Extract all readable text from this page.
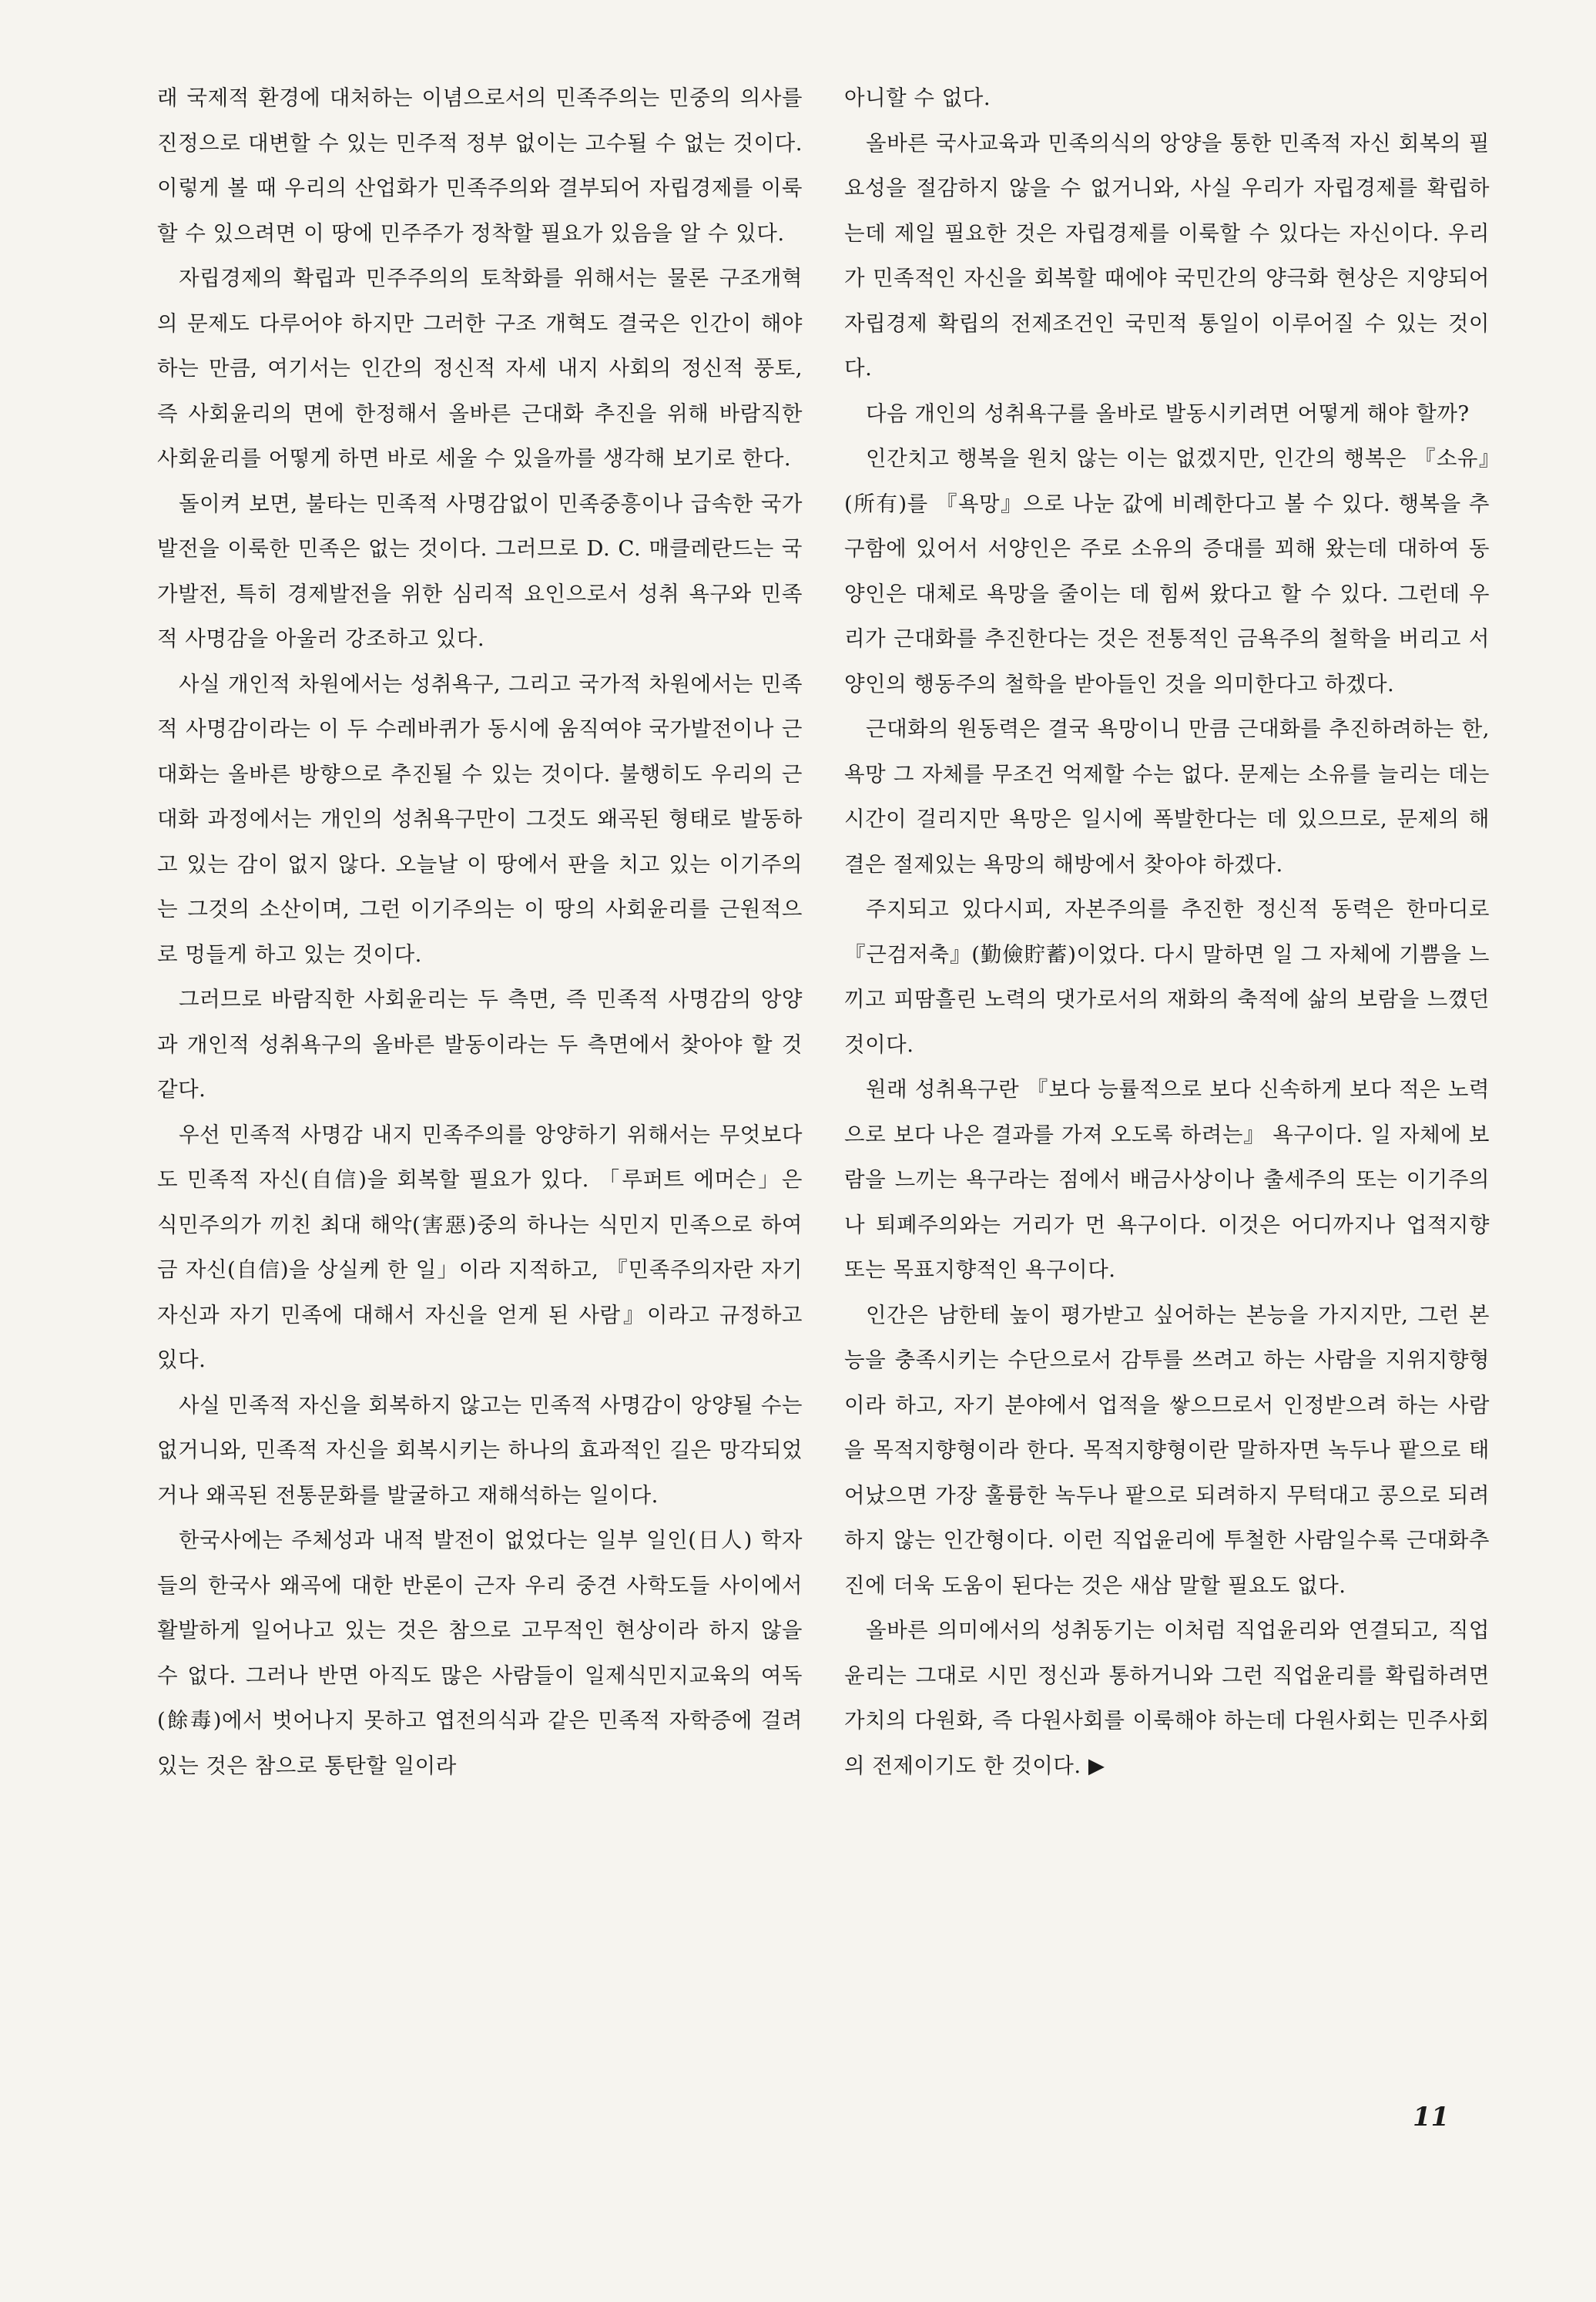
래 국제적 환경에 대처하는 이념으로서의 민족주의는 민중의 의사를 진정으로 대변할 수 있는 민주적 정부 없이는 고수될 수 없는 것이다. 이렇게 볼 때 우리의 산업화가 민족주의와 결부되어 자립경제를 이룩할 수 있으려면 이 땅에 민주주가 정착할 필요가 있음을 알 수 있다.

자립경제의 확립과 민주주의의 토착화를 위해서는 물론 구조개혁의 문제도 다루어야 하지만 그러한 구조 개혁도 결국은 인간이 해야하는 만큼, 여기서는 인간의 정신적 자세 내지 사회의 정신적 풍토, 즉 사회윤리의 면에 한정해서 올바른 근대화 추진을 위해 바람직한 사회윤리를 어떻게 하면 바로 세울 수 있을까를 생각해 보기로 한다.

돌이켜 보면, 불타는 민족적 사명감없이 민족중흥이나 급속한 국가발전을 이룩한 민족은 없는 것이다. 그러므로 D. C. 매클레란드는 국가발전, 특히 경제발전을 위한 심리적 요인으로서 성취 욕구와 민족적 사명감을 아울러 강조하고 있다.

사실 개인적 차원에서는 성취욕구, 그리고 국가적 차원에서는 민족적 사명감이라는 이 두 수레바퀴가 동시에 움직여야 국가발전이나 근대화는 올바른 방향으로 추진될 수 있는 것이다. 불행히도 우리의 근대화 과정에서는 개인의 성취욕구만이 그것도 왜곡된 형태로 발동하고 있는 감이 없지 않다. 오늘날 이 땅에서 판을 치고 있는 이기주의는 그것의 소산이며, 그런 이기주의는 이 땅의 사회윤리를 근원적으로 멍들게 하고 있는 것이다.

그러므로 바람직한 사회윤리는 두 측면, 즉 민족적 사명감의 앙양과 개인적 성취욕구의 올바른 발동이라는 두 측면에서 찾아야 할 것 같다.

우선 민족적 사명감 내지 민족주의를 앙양하기 위해서는 무엇보다도 민족적 자신(自信)을 회복할 필요가 있다. 「루퍼트 에머슨」은 식민주의가 끼친 최대 해악(害惡)중의 하나는 식민지 민족으로 하여금 자신(自信)을 상실케 한 일」이라 지적하고, 『민족주의자란 자기 자신과 자기 민족에 대해서 자신을 얻게 된 사람』이라고 규정하고 있다.

사실 민족적 자신을 회복하지 않고는 민족적 사명감이 앙양될 수는 없거니와, 민족적 자신을 회복시키는 하나의 효과적인 길은 망각되었거나 왜곡된 전통문화를 발굴하고 재해석하는 일이다.

한국사에는 주체성과 내적 발전이 없었다는 일부 일인(日人) 학자들의 한국사 왜곡에 대한 반론이 근자 우리 중견 사학도들 사이에서 활발하게 일어나고 있는 것은 참으로 고무적인 현상이라 하지 않을 수 없다. 그러나 반면 아직도 많은 사람들이 일제식민지교육의 여독(餘毒)에서 벗어나지 못하고 엽전의식과 같은 민족적 자학증에 걸려 있는 것은 참으로 통탄할 일이라

아니할 수 없다.

올바른 국사교육과 민족의식의 앙양을 통한 민족적 자신 회복의 필요성을 절감하지 않을 수 없거니와, 사실 우리가 자립경제를 확립하는데 제일 필요한 것은 자립경제를 이룩할 수 있다는 자신이다. 우리가 민족적인 자신을 회복할 때에야 국민간의 양극화 현상은 지양되어 자립경제 확립의 전제조건인 국민적 통일이 이루어질 수 있는 것이다.

다음 개인의 성취욕구를 올바로 발동시키려면 어떻게 해야 할까?

인간치고 행복을 원치 않는 이는 없겠지만, 인간의 행복은 『소유』(所有)를 『욕망』으로 나눈 값에 비례한다고 볼 수 있다. 행복을 추구함에 있어서 서양인은 주로 소유의 증대를 꾀해 왔는데 대하여 동양인은 대체로 욕망을 줄이는 데 힘써 왔다고 할 수 있다. 그런데 우리가 근대화를 추진한다는 것은 전통적인 금욕주의 철학을 버리고 서양인의 행동주의 철학을 받아들인 것을 의미한다고 하겠다.

근대화의 원동력은 결국 욕망이니 만큼 근대화를 추진하려하는 한, 욕망 그 자체를 무조건 억제할 수는 없다. 문제는 소유를 늘리는 데는 시간이 걸리지만 욕망은 일시에 폭발한다는 데 있으므로, 문제의 해결은 절제있는 욕망의 해방에서 찾아야 하겠다.

주지되고 있다시피, 자본주의를 추진한 정신적 동력은 한마디로 『근검저축』(勤儉貯蓄)이었다. 다시 말하면 일 그 자체에 기쁨을 느끼고 피땀흘린 노력의 댓가로서의 재화의 축적에 삶의 보람을 느꼈던 것이다.

원래 성취욕구란 『보다 능률적으로 보다 신속하게 보다 적은 노력으로 보다 나은 결과를 가져 오도록 하려는』 욕구이다. 일 자체에 보람을 느끼는 욕구라는 점에서 배금사상이나 출세주의 또는 이기주의나 퇴폐주의와는 거리가 먼 욕구이다. 이것은 어디까지나 업적지향 또는 목표지향적인 욕구이다.

인간은 남한테 높이 평가받고 싶어하는 본능을 가지지만, 그런 본능을 충족시키는 수단으로서 감투를 쓰려고 하는 사람을 지위지향형이라 하고, 자기 분야에서 업적을 쌓으므로서 인정받으려 하는 사람을 목적지향형이라 한다. 목적지향형이란 말하자면 녹두나 팥으로 태어났으면 가장 훌륭한 녹두나 팥으로 되려하지 무턱대고 콩으로 되려 하지 않는 인간형이다. 이런 직업윤리에 투철한 사람일수록 근대화추진에 더욱 도움이 된다는 것은 새삼 말할 필요도 없다.

올바른 의미에서의 성취동기는 이처럼 직업윤리와 연결되고, 직업윤리는 그대로 시민 정신과 통하거니와 그런 직업윤리를 확립하려면 가치의 다원화, 즉 다원사회를 이룩해야 하는데 다원사회는 민주사회의 전제이기도 한 것이다. ▶

11
